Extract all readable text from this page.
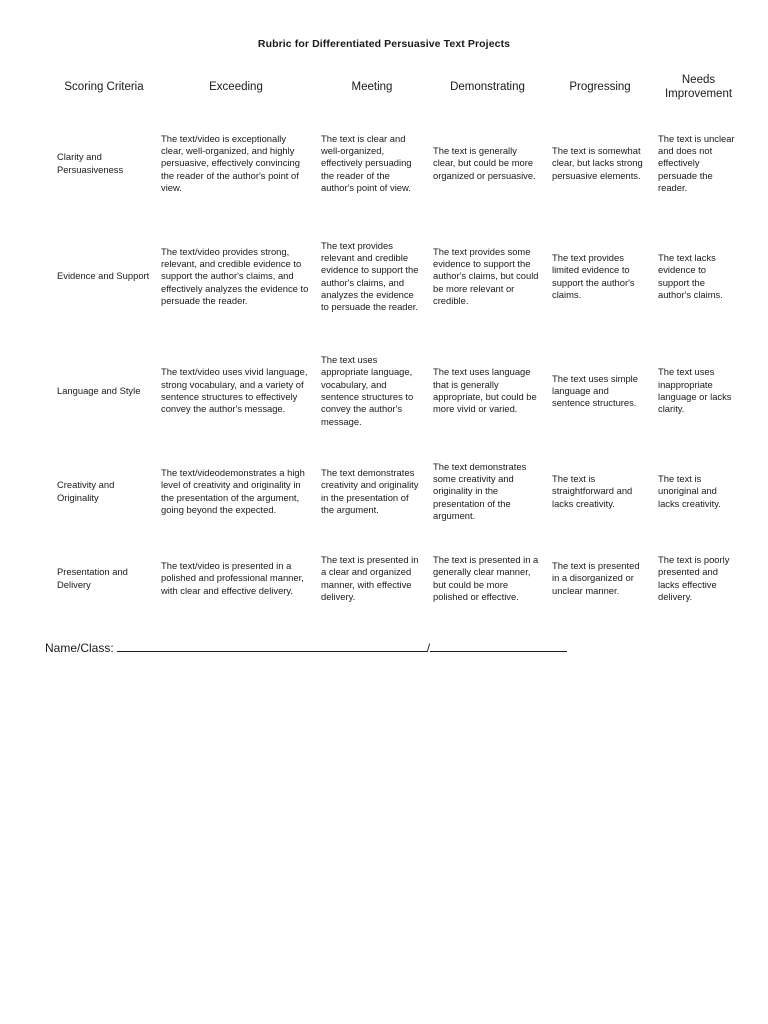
Rubric for Differentiated Persuasive Text Projects
Scoring Criteria	Exceeding	Meeting	Demonstrating	Progressing	Needs Improvement
Clarity and Persuasiveness	The text/video is exceptionally clear, well-organized, and highly persuasive, effectively convincing the reader of the author's point of view.	The text is clear and well-organized, effectively persuading the reader of the author's point of view.	The text is generally clear, but could be more organized or persuasive.	The text is somewhat clear, but lacks strong persuasive elements.	The text is unclear and does not effectively persuade the reader.
Evidence and Support	The text/video provides strong, relevant, and credible evidence to support the author's claims, and effectively analyzes the evidence to persuade the reader.	The text provides relevant and credible evidence to support the author's claims, and analyzes the evidence to persuade the reader.	The text provides some evidence to support the author's claims, but could be more relevant or credible.	The text provides limited evidence to support the author's claims.	The text lacks evidence to support the author's claims.
Language and Style	The text/video uses vivid language, strong vocabulary, and a variety of sentence structures to effectively convey the author's message.	The text uses appropriate language, vocabulary, and sentence structures to convey the author's message.	The text uses language that is generally appropriate, but could be more vivid or varied.	The text uses simple language and sentence structures.	The text uses inappropriate language or lacks clarity.
Creativity and Originality	The text/videodemonstrates a high level of creativity and originality in the presentation of the argument, going beyond the expected.	The text demonstrates creativity and originality in the presentation of the argument.	The text demonstrates some creativity and originality in the presentation of the argument.	The text is straightforward and lacks creativity.	The text is unoriginal and lacks creativity.
Presentation and Delivery	The text/video is presented in a polished and professional manner, with clear and effective delivery.	The text is presented in a clear and organized manner, with effective delivery.	The text is presented in a generally clear manner, but could be more polished or effective.	The text is presented in a disorganized or unclear manner.	The text is poorly presented and lacks effective delivery.
Name/Class:	/
